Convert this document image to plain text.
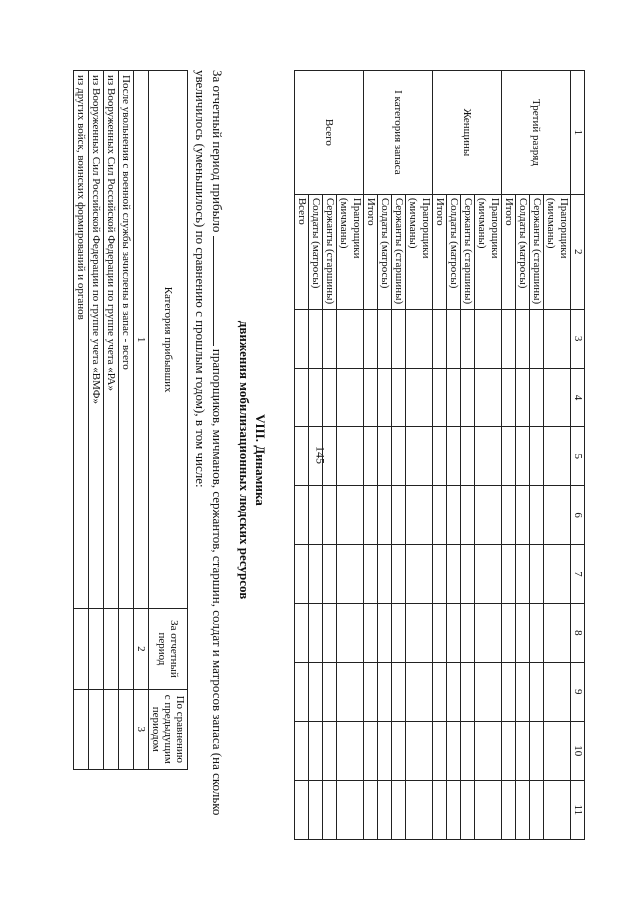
145
1	2	3	4	5	6	7	8	9	10	11
Третий разряд	Прапорщики (мичманы)									
	Сержанты (старшины)									
	Солдаты (матросы)									
	Итого									
Женщины	Прапорщики (мичманы)									
	Сержанты (старшины)									
	Солдаты (матросы)									
	Итого									
I категория запаса	Прапорщики (мичманы)									
	Сержанты (старшины)									
	Солдаты (матросы)									
	Итого									
Всего	Прапорщики (мичманы)									
	Сержанты (старшины)									
	Солдаты (матросы)									
	Всего									
VIII. Динамика
движения мобилизационных людских ресурсов

За отчетный период прибыло  прапорщиков, мичманов, сержантов, старшин, солдат и матросов запаса (на сколько увеличилось (уменьшилось) по сравнению с прошлым годом), в том числе:

Категория прибывших	За отчетный период	По сравнению с предыдущим периодом
1	2	3
После увольнения с военной службы зачислены в запас - всего		
из Вооруженных Сил Российской Федерации по группе учета «РА»		
из Вооруженных Сил Российской Федерации по группе учета «ВМФ»		
из других войск, воинских формирований и органов		
